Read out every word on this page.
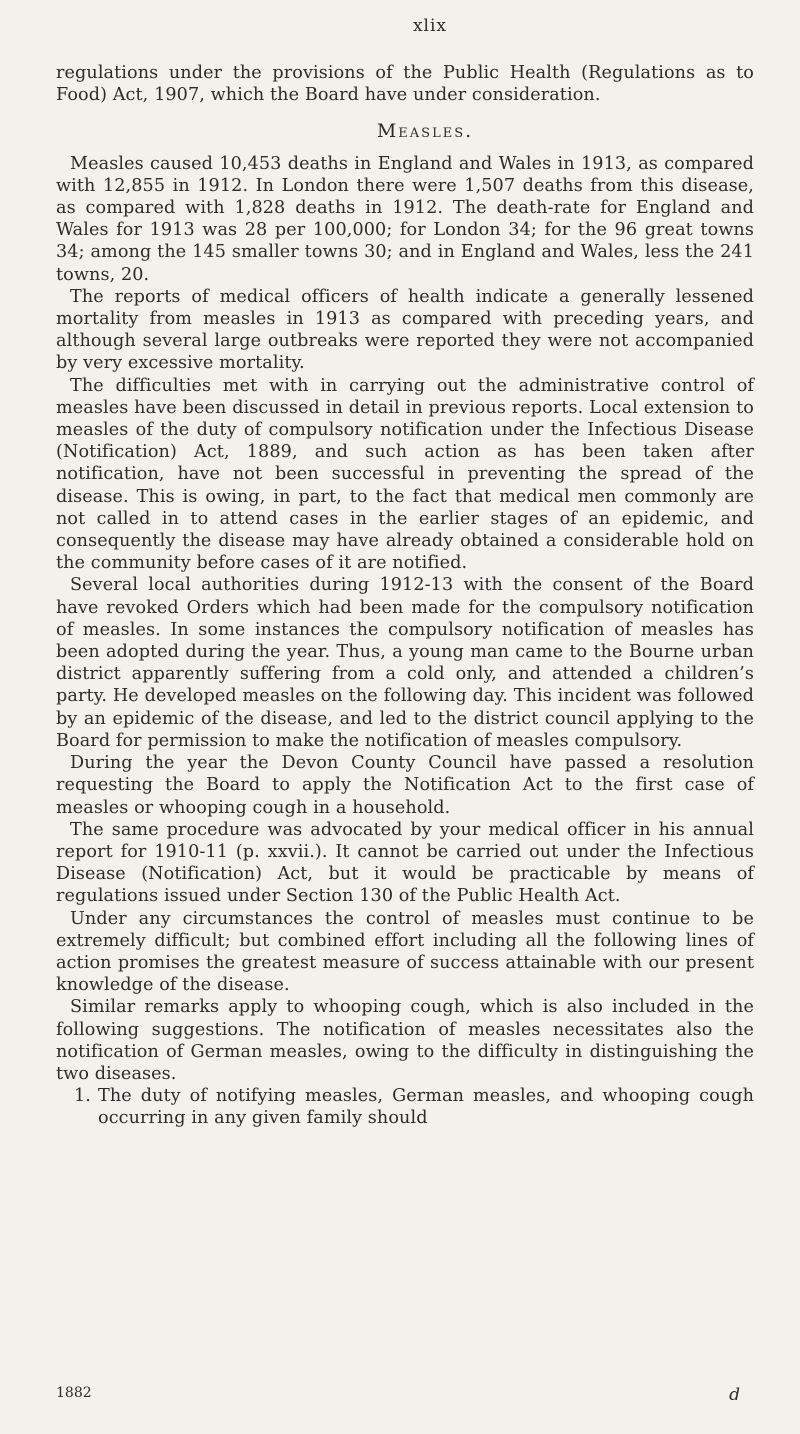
xlix

regulations under the provisions of the Public Health (Regulations as to Food) Act, 1907, which the Board have under consideration.

Measles.

Measles caused 10,453 deaths in England and Wales in 1913, as compared with 12,855 in 1912. In London there were 1,507 deaths from this disease, as compared with 1,828 deaths in 1912. The death-rate for England and Wales for 1913 was 28 per 100,000; for London 34; for the 96 great towns 34; among the 145 smaller towns 30; and in England and Wales, less the 241 towns, 20.

The reports of medical officers of health indicate a generally lessened mortality from measles in 1913 as compared with preceding years, and although several large outbreaks were reported they were not accompanied by very excessive mortality.

The difficulties met with in carrying out the administrative control of measles have been discussed in detail in previous reports. Local extension to measles of the duty of compulsory notification under the Infectious Disease (Notification) Act, 1889, and such action as has been taken after notification, have not been successful in preventing the spread of the disease. This is owing, in part, to the fact that medical men commonly are not called in to attend cases in the earlier stages of an epidemic, and consequently the disease may have already obtained a considerable hold on the community before cases of it are notified.

Several local authorities during 1912-13 with the consent of the Board have revoked Orders which had been made for the compulsory notification of measles. In some instances the compulsory notification of measles has been adopted during the year. Thus, a young man came to the Bourne urban district apparently suffering from a cold only, and attended a children’s party. He developed measles on the following day. This incident was followed by an epidemic of the disease, and led to the district council applying to the Board for permission to make the notification of measles compulsory.

During the year the Devon County Council have passed a resolution requesting the Board to apply the Notification Act to the first case of measles or whooping cough in a household.

The same procedure was advocated by your medical officer in his annual report for 1910-11 (p. xxvii.). It cannot be carried out under the Infectious Disease (Notification) Act, but it would be practicable by means of regulations issued under Section 130 of the Public Health Act.

Under any circumstances the control of measles must continue to be extremely difficult; but combined effort including all the following lines of action promises the greatest measure of success attainable with our present knowledge of the disease.

Similar remarks apply to whooping cough, which is also included in the following suggestions. The notification of measles necessitates also the notification of German measles, owing to the difficulty in distinguishing the two diseases.

1. The duty of notifying measles, German measles, and whooping cough occurring in any given family should
1882	d
